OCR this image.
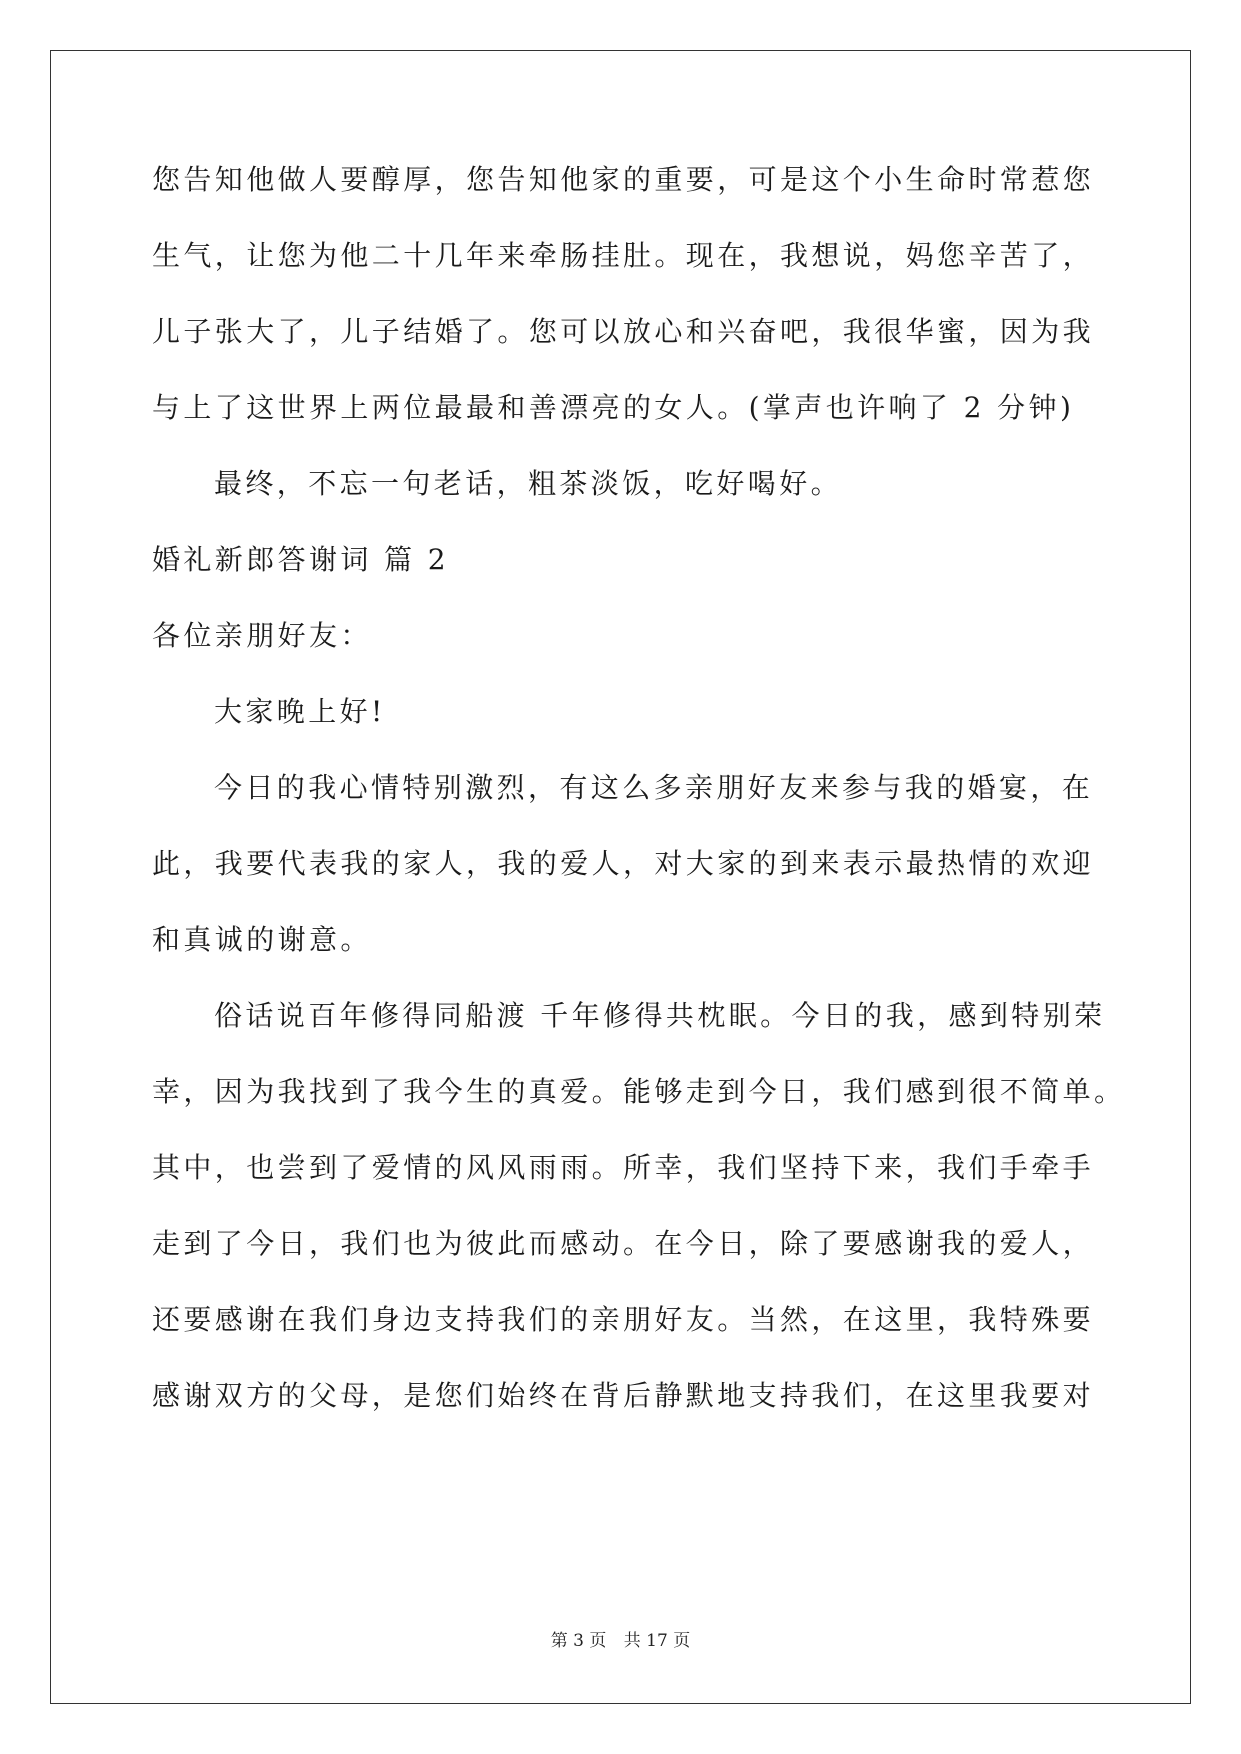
您告知他做人要醇厚，您告知他家的重要，可是这个小生命时常惹您
生气，让您为他二十几年来牵肠挂肚。现在，我想说，妈您辛苦了，
儿子张大了，儿子结婚了。您可以放心和兴奋吧，我很华蜜，因为我
与上了这世界上两位最最和善漂亮的女人。(掌声也许响了 2 分钟)
最终，不忘一句老话，粗茶淡饭，吃好喝好。
婚礼新郎答谢词 篇 2
各位亲朋好友：
大家晚上好!
今日的我心情特别激烈，有这么多亲朋好友来参与我的婚宴，在
此，我要代表我的家人，我的爱人，对大家的到来表示最热情的欢迎
和真诚的谢意。
俗话说百年修得同船渡 千年修得共枕眠。今日的我，感到特别荣
幸，因为我找到了我今生的真爱。能够走到今日，我们感到很不简单。
其中，也尝到了爱情的风风雨雨。所幸，我们坚持下来，我们手牵手
走到了今日，我们也为彼此而感动。在今日，除了要感谢我的爱人，
还要感谢在我们身边支持我们的亲朋好友。当然，在这里，我特殊要
感谢双方的父母，是您们始终在背后静默地支持我们，在这里我要对
第 3 页 共 17 页
